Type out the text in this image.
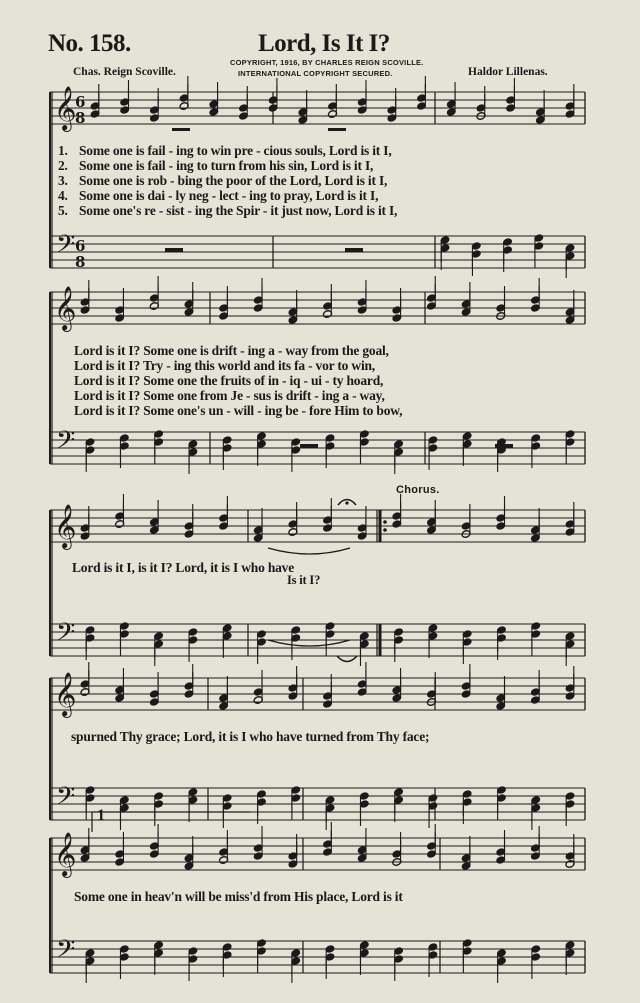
𝄞
𝄢
6
8
6
8
𝄞
𝄢
𝄞
𝄢
𝄞
𝄢
𝄞
𝄢
No. 158.	Lord, Is It I?
COPYRIGHT, 1916, BY CHARLES REIGN SCOVILLE.
INTERNATIONAL COPYRIGHT SECURED.
Chas. Reign Scoville.	Haldor Lillenas.
1. Some one is fail - ing to win pre - cious souls, Lord is it I,
2. Some one is fail - ing to turn from his sin, Lord is it I,
3. Some one is rob - bing the poor of the Lord, Lord is it I,
4. Some one is dai - ly neg - lect - ing to pray, Lord is it I,
5. Some one's re - sist - ing the Spir - it just now, Lord is it I,
Lord is it I? Some one is drift - ing a - way from the goal,
Lord is it I? Try - ing this world and its fa - vor to win,
Lord is it I? Some one the fruits of in - iq - ui - ty hoard,
Lord is it I? Some one from Je - sus is drift - ing a - way,
Lord is it I? Some one's un - will - ing be - fore Him to bow,
Chorus.
Lord is it I, is it I? Lord, it is I who have
Is it I?
spurned Thy grace; Lord, it is I who have turned from Thy face;
Some one in heav'n will be miss'd from His place, Lord is it
1
